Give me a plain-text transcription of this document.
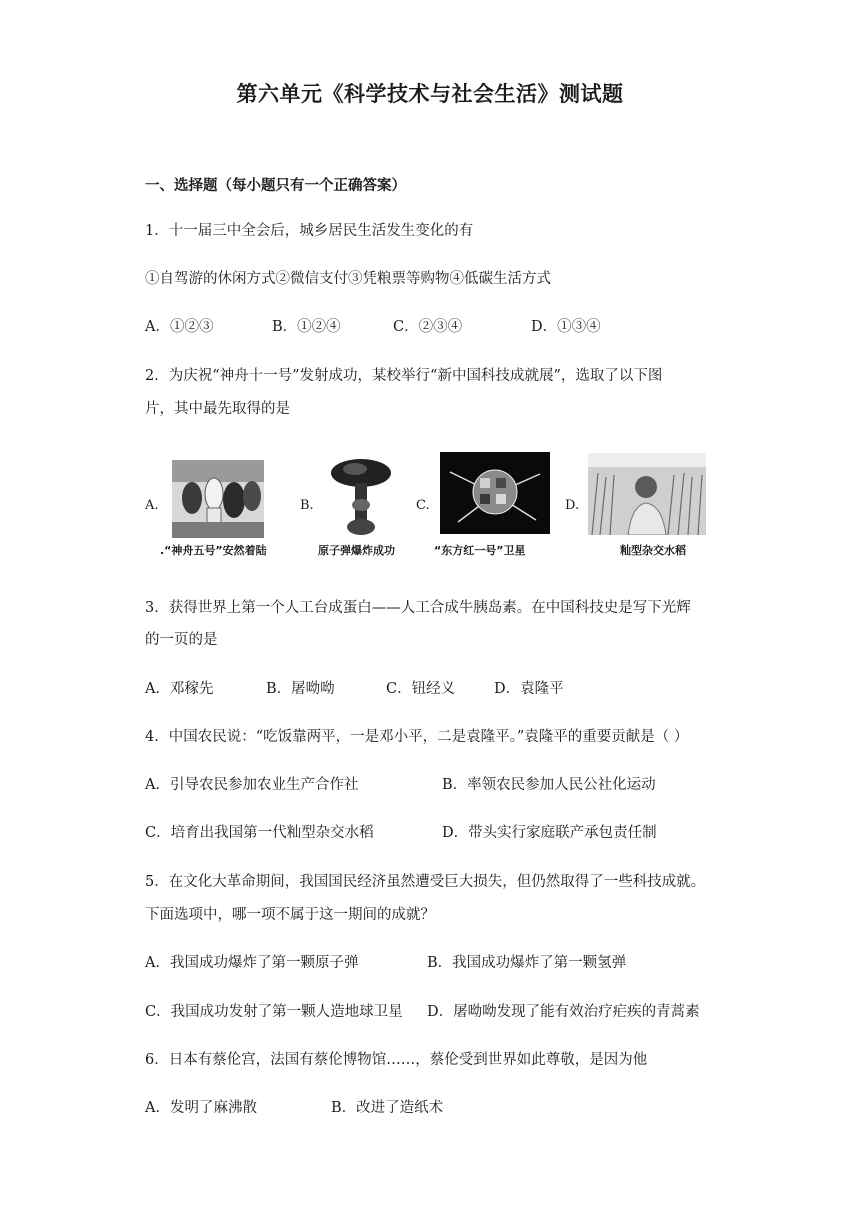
第六单元《科学技术与社会生活》测试题
一、选择题（每小题只有一个正确答案）
1．十一届三中全会后，城乡居民生活发生变化的有
①自驾游的休闲方式②微信支付③凭粮票等购物④低碳生活方式
A．①②③	B．①②④	C．②③④	D．①③④
2．为庆祝“神舟十一号”发射成功，某校举行“新中国科技成就展”，选取了以下图
片，其中最先取得的是
A.
.“神舟五号”安然着陆
B.
原子弹爆炸成功
C.
“东方红一号”卫星
D.
籼型杂交水稻
3．获得世界上第一个人工台成蛋白——人工合成牛胰岛素。在中国科技史是写下光辉
的一页的是
A．邓稼先	B．屠呦呦	C．钮经义	D．袁隆平
4．中国农民说：“吃饭靠两平，一是邓小平，二是袁隆平。”袁隆平的重要贡献是（ ）
A．引导农民参加农业生产合作社	B．率领农民参加人民公社化运动
C．培育出我国第一代籼型杂交水稻	D．带头实行家庭联产承包责任制
5．在文化大革命期间，我国国民经济虽然遭受巨大损失，但仍然取得了一些科技成就。
下面选项中，哪一项不属于这一期间的成就？
A．我国成功爆炸了第一颗原子弹	B．我国成功爆炸了第一颗氢弹
C．我国成功发射了第一颗人造地球卫星 D．屠呦呦发现了能有效治疗疟疾的青蒿素
6．日本有蔡伦宫，法国有蔡伦博物馆……，蔡伦受到世界如此尊敬，是因为他
A．发明了麻沸散	B．改进了造纸术
